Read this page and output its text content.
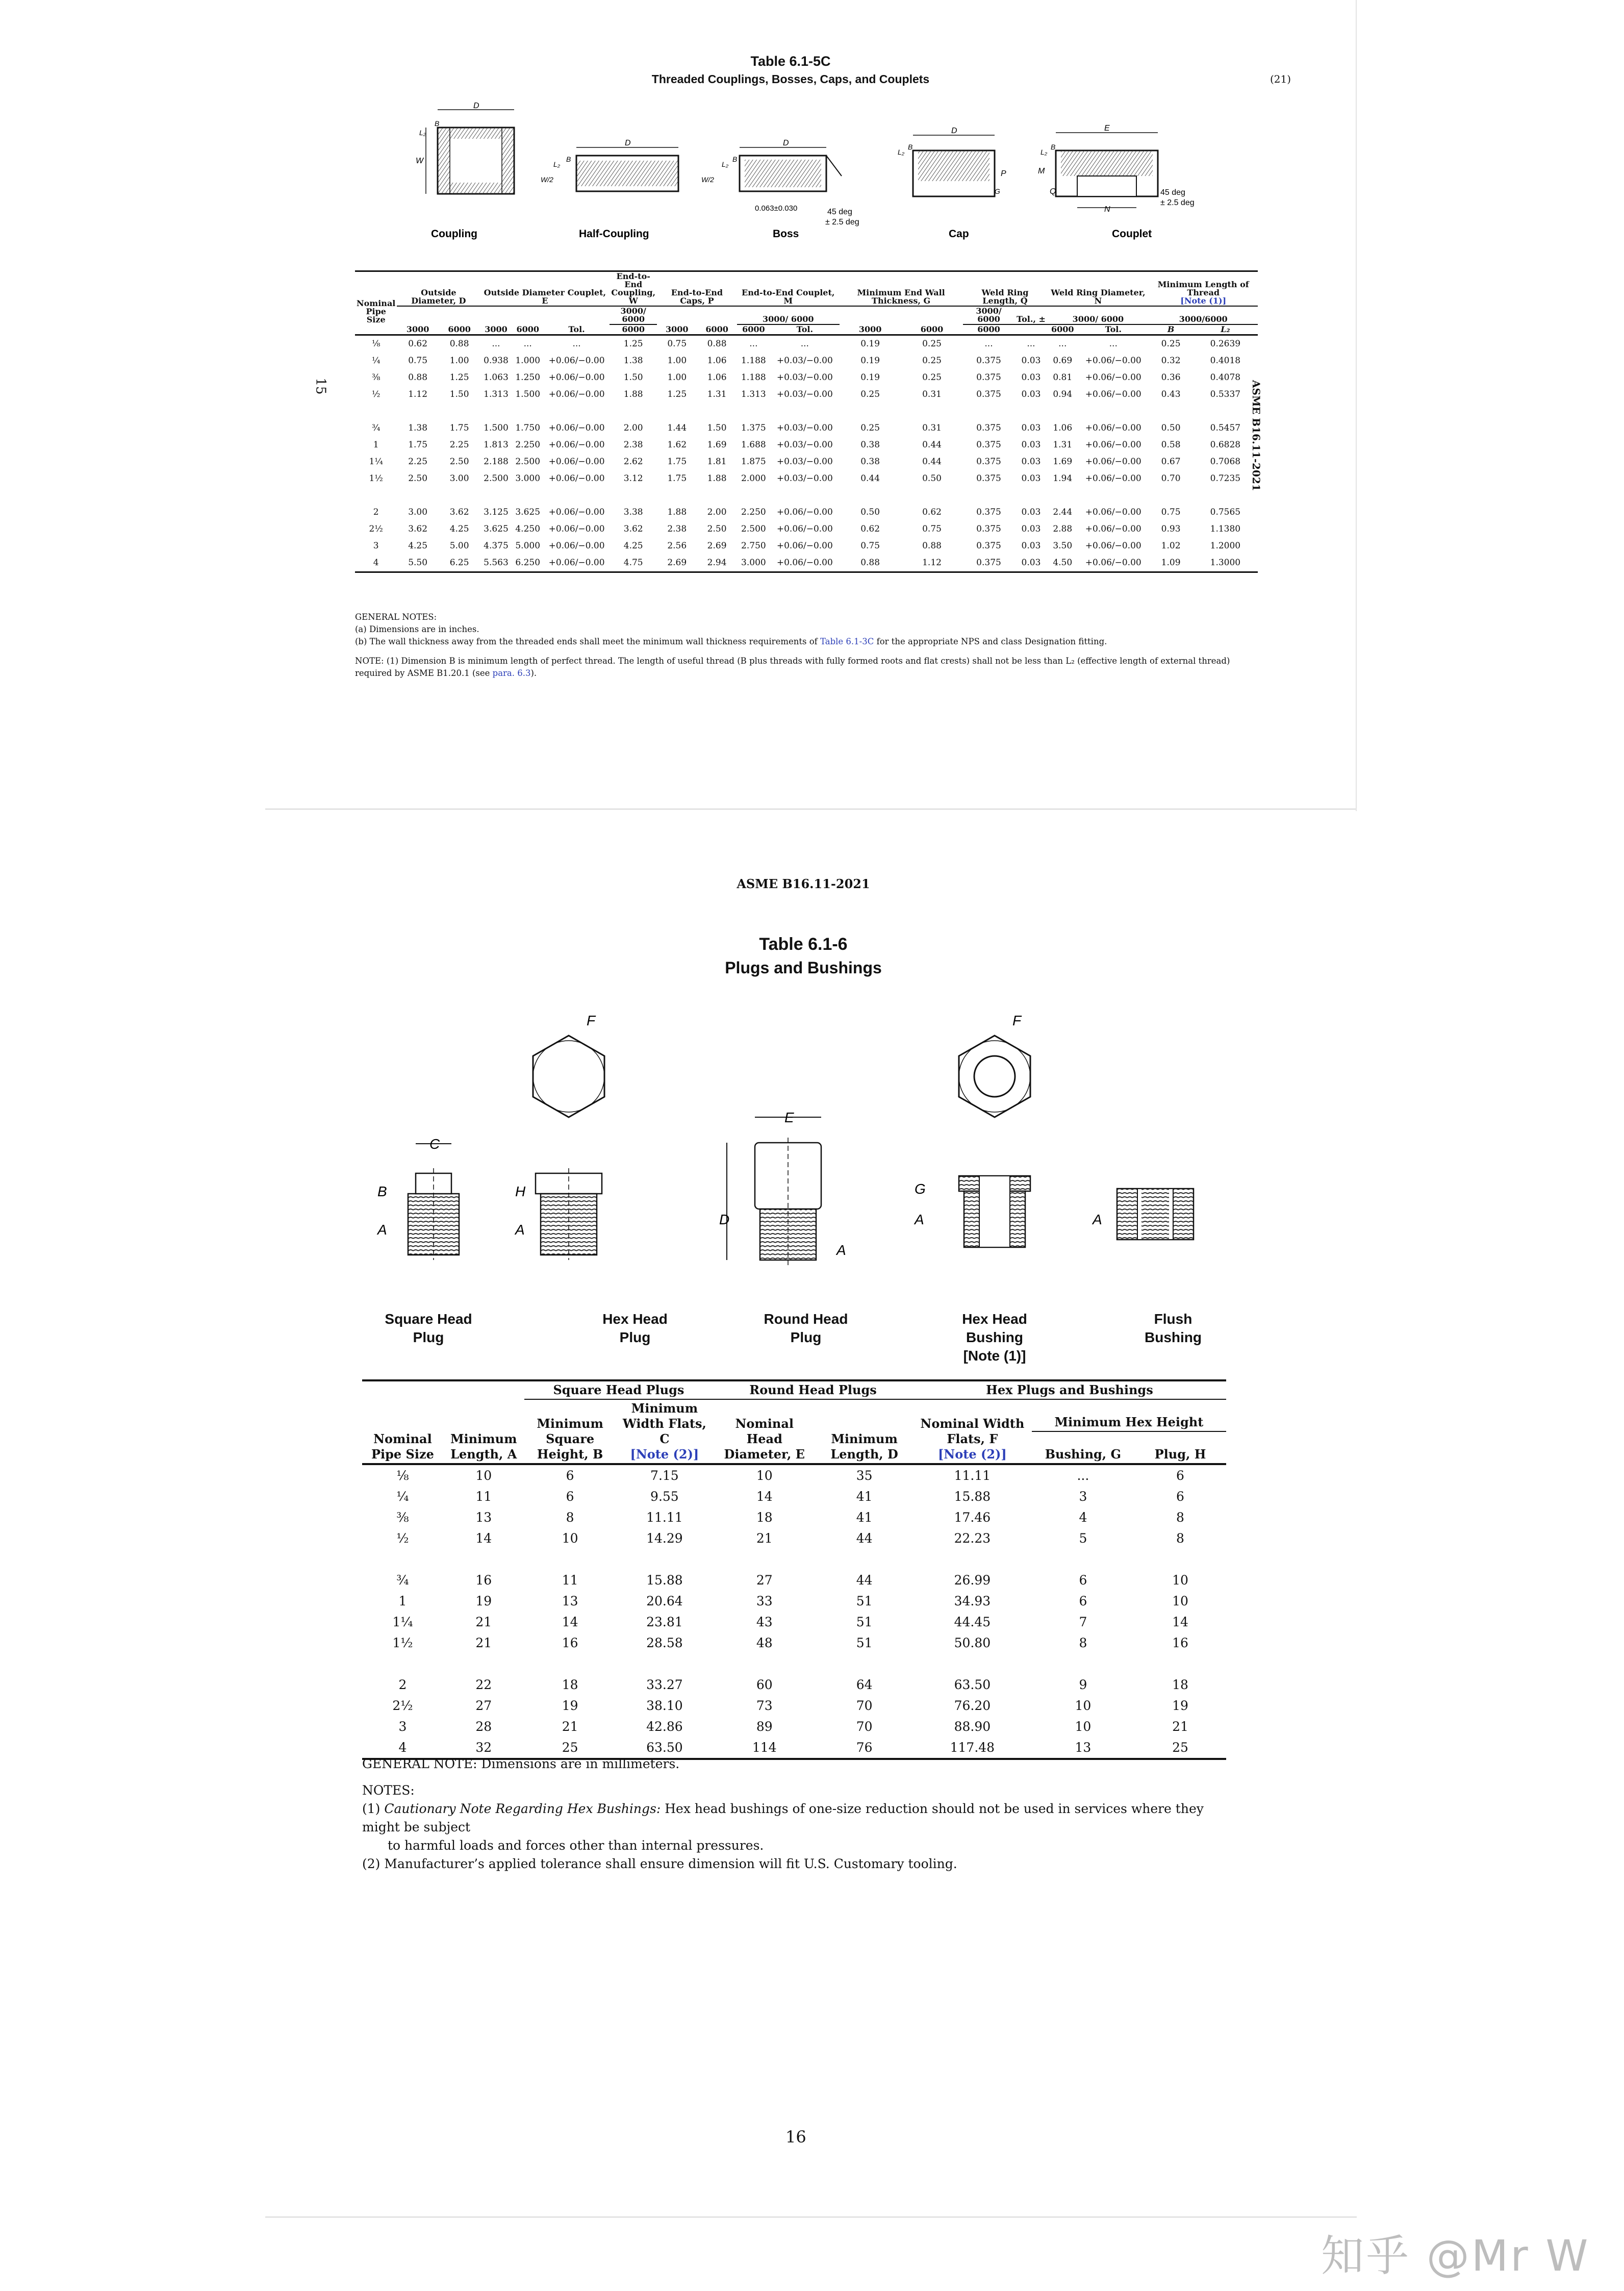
Table 6.1-5C
Threaded Couplings, Bosses, Caps, and Couplets	(21)
15	ASME B16.11-2021
D
W
L₂
B
D
W/2
L₂
B
D
W/2
L₂
B
0.063±0.030	45 deg
± 2.5 deg
D
L₂
B
P
G
E
L₂
B
M
Q
N
45 deg
± 2.5 deg
Coupling	Half-Coupling	Boss	Cap	Couplet
Nominal Pipe Size	Outside Diameter, D		Outside Diameter Couplet, E			End-to-End Coupling, W	End-to-End Caps, P		End-to-End Couplet, M		Minimum End Wall Thickness, G		Weld Ring Length, Q		Weld Ring Diameter, N		Minimum Length of Thread
[Note (1)]	
						3000/ 6000			3000/ 6000				3000/ 6000	Tol., ±	3000/ 6000		3000/6000	
	3000	6000	3000	6000	Tol.	6000	3000	6000	6000	Tol.	3000	6000	6000		6000	Tol.	B	L₂
⅛	0.62	0.88	...	...	...	1.25	0.75	0.88	...	...	0.19	0.25	...	...	...	...	0.25	0.2639
¼	0.75	1.00	0.938	1.000	+0.06/−0.00	1.38	1.00	1.06	1.188	+0.03/−0.00	0.19	0.25	0.375	0.03	0.69	+0.06/−0.00	0.32	0.4018
⅜	0.88	1.25	1.063	1.250	+0.06/−0.00	1.50	1.00	1.06	1.188	+0.03/−0.00	0.19	0.25	0.375	0.03	0.81	+0.06/−0.00	0.36	0.4078
½	1.12	1.50	1.313	1.500	+0.06/−0.00	1.88	1.25	1.31	1.313	+0.03/−0.00	0.25	0.31	0.375	0.03	0.94	+0.06/−0.00	0.43	0.5337

¾	1.38	1.75	1.500	1.750	+0.06/−0.00	2.00	1.44	1.50	1.375	+0.03/−0.00	0.25	0.31	0.375	0.03	1.06	+0.06/−0.00	0.50	0.5457
1	1.75	2.25	1.813	2.250	+0.06/−0.00	2.38	1.62	1.69	1.688	+0.03/−0.00	0.38	0.44	0.375	0.03	1.31	+0.06/−0.00	0.58	0.6828
1¼	2.25	2.50	2.188	2.500	+0.06/−0.00	2.62	1.75	1.81	1.875	+0.03/−0.00	0.38	0.44	0.375	0.03	1.69	+0.06/−0.00	0.67	0.7068
1½	2.50	3.00	2.500	3.000	+0.06/−0.00	3.12	1.75	1.88	2.000	+0.03/−0.00	0.44	0.50	0.375	0.03	1.94	+0.06/−0.00	0.70	0.7235

2	3.00	3.62	3.125	3.625	+0.06/−0.00	3.38	1.88	2.00	2.250	+0.06/−0.00	0.50	0.62	0.375	0.03	2.44	+0.06/−0.00	0.75	0.7565
2½	3.62	4.25	3.625	4.250	+0.06/−0.00	3.62	2.38	2.50	2.500	+0.06/−0.00	0.62	0.75	0.375	0.03	2.88	+0.06/−0.00	0.93	1.1380
3	4.25	5.00	4.375	5.000	+0.06/−0.00	4.25	2.56	2.69	2.750	+0.06/−0.00	0.75	0.88	0.375	0.03	3.50	+0.06/−0.00	1.02	1.2000
4	5.50	6.25	5.563	6.250	+0.06/−0.00	4.75	2.69	2.94	3.000	+0.06/−0.00	0.88	1.12	0.375	0.03	4.50	+0.06/−0.00	1.09	1.3000
GENERAL NOTES:
(a) Dimensions are in inches.
(b) The wall thickness away from the threaded ends shall meet the minimum wall thickness requirements of Table 6.1-3C for the appropriate NPS and class Designation fitting.
NOTE: (1) Dimension B is minimum length of perfect thread. The length of useful thread (B plus threads with fully formed roots and flat crests) shall not be less than L₂ (effective length of external thread) required by ASME B1.20.1 (see para. 6.3).
ASME B16.11-2021
Table 6.1-6
Plugs and Bushings
C
B
A
F
H
A
E
D
A
F
G
A	A
Square Head
Plug
Hex Head
Plug
Round Head
Plug
Hex Head
Bushing
[Note (1)]
Flush
Bushing
		Square Head Plugs		Round Head Plugs		Hex Plugs and Bushings		
Nominal Pipe Size	Minimum Length, A	Minimum Square Height, B	Minimum Width Flats, C
[Note (2)]	Nominal Head Diameter, E	Minimum Length, D	Nominal Width Flats, F
[Note (2)]	Minimum Hex Height	
							Bushing, G	Plug, H
⅛	10	6	7.15	10	35	11.11	...	6
¼	11	6	9.55	14	41	15.88	3	6
⅜	13	8	11.11	18	41	17.46	4	8
½	14	10	14.29	21	44	22.23	5	8

¾	16	11	15.88	27	44	26.99	6	10
1	19	13	20.64	33	51	34.93	6	10
1¼	21	14	23.81	43	51	44.45	7	14
1½	21	16	28.58	48	51	50.80	8	16

2	22	18	33.27	60	64	63.50	9	18
2½	27	19	38.10	73	70	76.20	10	19
3	28	21	42.86	89	70	88.90	10	21
4	32	25	63.50	114	76	117.48	13	25
GENERAL NOTE: Dimensions are in millimeters.
NOTES:
(1) Cautionary Note Regarding Hex Bushings: Hex head bushings of one-size reduction should not be used in services where they might be subject
to harmful loads and forces other than internal pressures.
(2) Manufacturer’s applied tolerance shall ensure dimension will fit U.S. Customary tooling.
16
知乎 @Mr W
